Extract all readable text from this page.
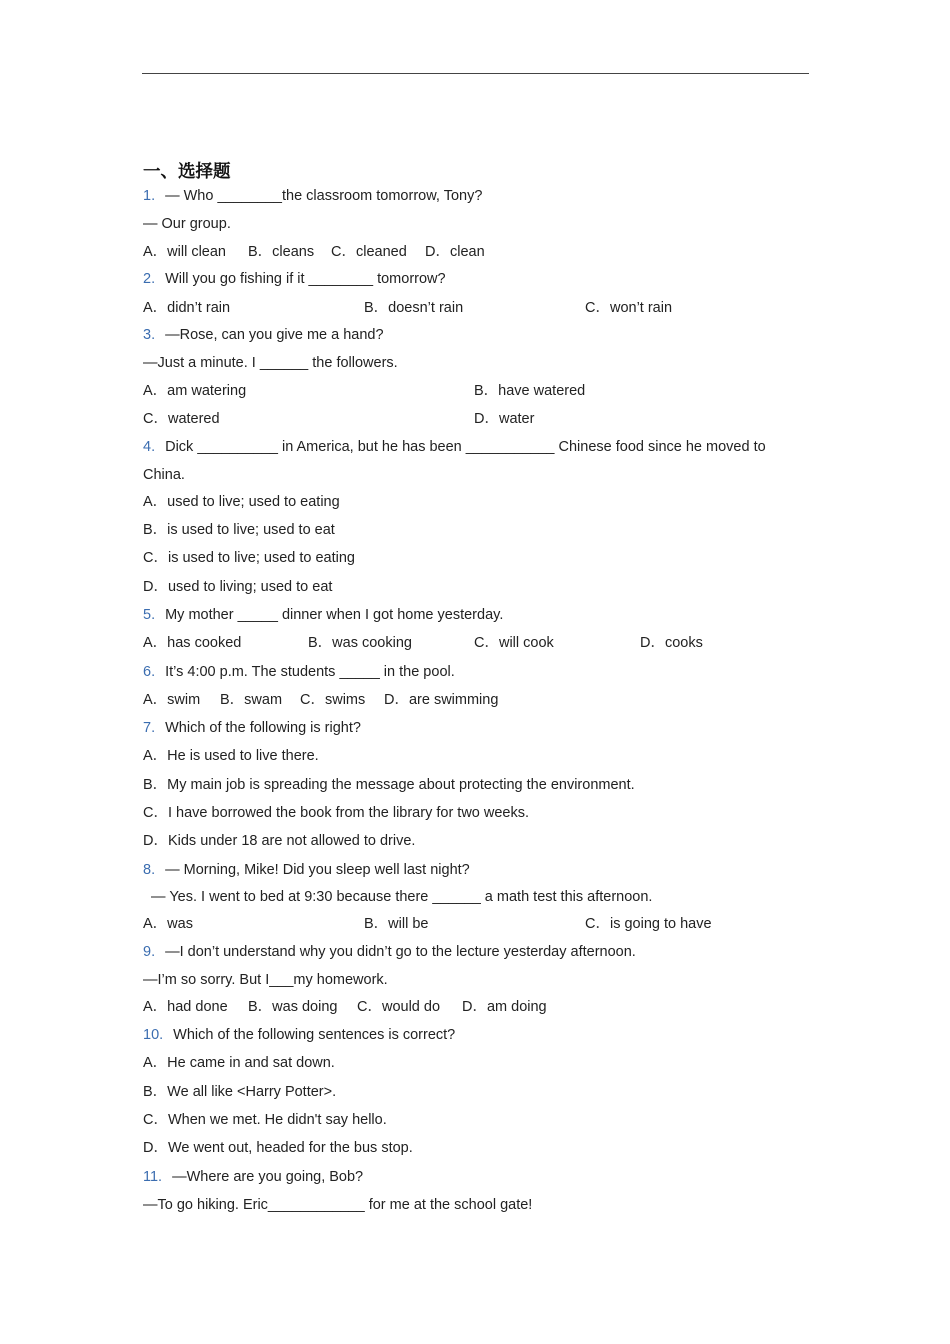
一、选择题
1. — Who ________the classroom tomorrow, Tony?
— Our group.
A．will clean B．cleans C．cleaned D．clean
2. Will you go fishing if it ________ tomorrow?
A．didn’t rain	B．doesn’t rain	C．won’t rain
3. —Rose, can you give me a hand?
—Just a minute. I ______ the followers.
A．am watering	B．have watered
C．watered	D．water
4. Dick __________ in America, but he has been ___________ Chinese food since he moved to
China.
A．used to live; used to eating
B．is used to live; used to eat
C．is used to live; used to eating
D．used to living; used to eat
5. My mother _____ dinner when I got home yesterday.
A．has cooked	B．was cooking	C．will cook	D．cooks
6. It’s 4:00 p.m. The students _____ in the pool.
A．swim B．swam C．swims D．are swimming
7. Which of the following is right?
A．He is used to live there.
B．My main job is spreading the message about protecting the environment.
C．I have borrowed the book from the library for two weeks.
D．Kids under 18 are not allowed to drive.
8. — Morning, Mike! Did you sleep well last night?
— Yes. I went to bed at 9:30 because there ______ a math test this afternoon.
A．was	B．will be	C．is going to have
9. —I don’t understand why you didn’t go to the lecture yesterday afternoon.
—I’m so sorry. But I___my homework.
A．had done B．was doing C．would do D．am doing
10. Which of the following sentences is correct?
A．He came in and sat down.
B．We all like <Harry Potter>.
C．When we met. He didn't say hello.
D．We went out, headed for the bus stop.
11. —Where are you going, Bob?
—To go hiking. Eric____________ for me at the school gate!
